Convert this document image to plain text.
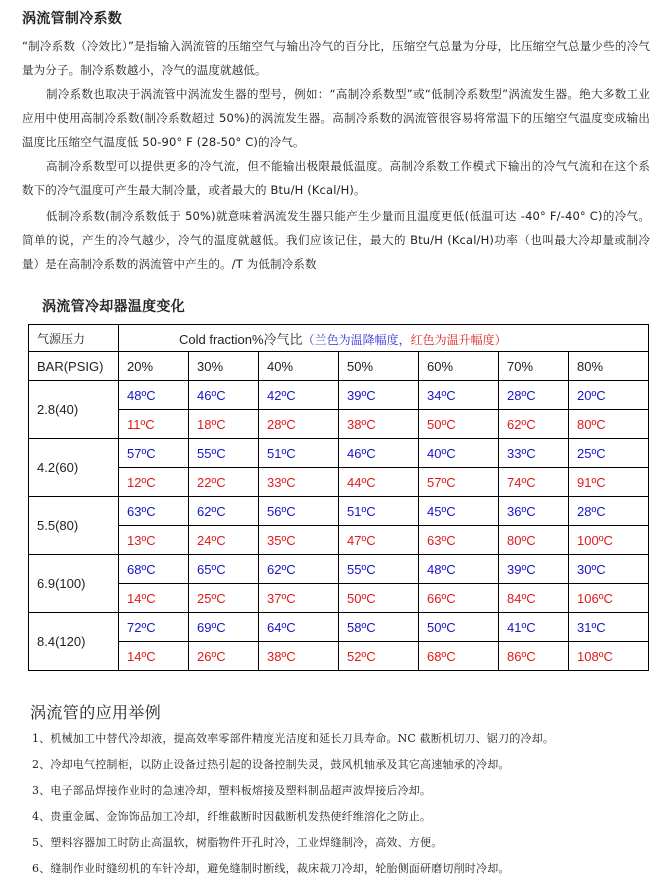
涡流管制冷系数
“制冷系数（冷效比）”是指输入涡流管的压缩空气与输出冷气的百分比，压缩空气总量为分母，比压缩空气总量少些的冷气量为分子。制冷系数越小，冷气的温度就越低。
制冷系数也取决于涡流管中涡流发生器的型号，例如：“高制冷系数型”或“低制冷系数型”涡流发生器。绝大多数工业应用中使用高制冷系数(制冷系数超过 50%)的涡流发生器。高制冷系数的涡流管很容易将常温下的压缩空气温度变成输出温度比压缩空气温度低 50-90° F (28-50° C)的冷气。
高制冷系数型可以提供更多的冷气流，但不能输出极限最低温度。高制冷系数工作模式下输出的冷气气流和在这个系数下的冷气温度可产生最大制冷量，或者最大的 Btu/H (Kcal/H)。
低制冷系数(制冷系数低于 50%)就意味着涡流发生器只能产生少量而且温度更低(低温可达 -40° F/-40° C)的冷气。简单的说，产生的冷气越少，冷气的温度就越低。我们应该记住，最大的 Btu/H (Kcal/H)功率（也叫最大冷却量或制冷量）是在高制冷系数的涡流管中产生的。/T 为低制冷系数
涡流管冷却器温度变化
气源压力	Cold fraction%冷气比（兰色为温降幅度，红色为温升幅度）						
BAR(PSIG)	20%	30%	40%	50%	60%	70%	80%
2.8(40)	48ºC	46ºC	42ºC	39ºC	34ºC	28ºC	20ºC
	11ºC	18ºC	28ºC	38ºC	50ºC	62ºC	80ºC
4.2(60)	57ºC	55ºC	51ºC	46ºC	40ºC	33ºC	25ºC
	12ºC	22ºC	33ºC	44ºC	57ºC	74ºC	91ºC
5.5(80)	63ºC	62ºC	56ºC	51ºC	45ºC	36ºC	28ºC
	13ºC	24ºC	35ºC	47ºC	63ºC	80ºC	100ºC
6.9(100)	68ºC	65ºC	62ºC	55ºC	48ºC	39ºC	30ºC
	14ºC	25ºC	37ºC	50ºC	66ºC	84ºC	106ºC
8.4(120)	72ºC	69ºC	64ºC	58ºC	50ºC	41ºC	31ºC
	14ºC	26ºC	38ºC	52ºC	68ºC	86ºC	108ºC
涡流管的应用举例
1、机械加工中替代冷却液，提高效率零部件精度光洁度和延长刀具寿命。NC 截断机切刀、锯刀的冷却。
2、冷却电气控制柜，以防止设备过热引起的设备控制失灵，鼓风机轴承及其它高速轴承的冷却。
3、电子部品焊接作业时的急速冷却，塑料板熔接及塑料制品超声波焊接后冷却。
4、贵重金属、金饰饰品加工冷却，纤维截断时因截断机发热使纤维溶化之防止。
5、塑料容器加工时防止高温软，树脂物件开孔时冷，工业焊缝制冷，高效、方便。
6、缝制作业时缝纫机的车针冷却，避免缝制时断线，裁床裁刀冷却，轮胎侧面研磨切削时冷却。
